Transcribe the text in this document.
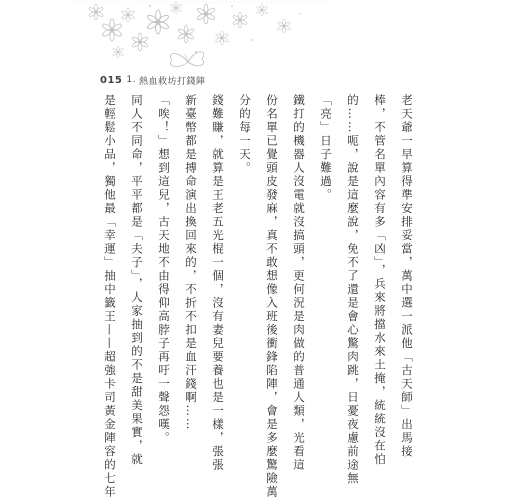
015 1. 熱血救坊打錢陣

老天爺一早算得準安排妥當，萬中選一派他「古天師」出馬接

棒，不管名單內容有多「凶」，兵來將擋水來土掩，統統沒在怕

的……呃，說是這麼說，免不了還是會心驚肉跳，日憂夜慮前途無

「亮」日子難過。

鐵打的機器人沒電就沒搞頭，更何況是肉做的普通人類，光看這

份名單已覺頭皮發麻，真不敢想像入班後衝鋒陷陣，會是多麼驚險萬

分的每一天。

錢難賺，就算是王老五光棍一個，沒有妻兒要養也是一樣，張張

新臺幣都是搏命演出換回來的，不折不扣是血汗錢啊……

「唉！」想到這兒，古天地不由得仰高脖子再吁一聲怨嘆。

同人不同命，平平都是「夫子」，人家抽到的不是甜美果實，就

是輕鬆小品，獨他最「幸運」抽中籤王——超強卡司黃金陣容的七年
